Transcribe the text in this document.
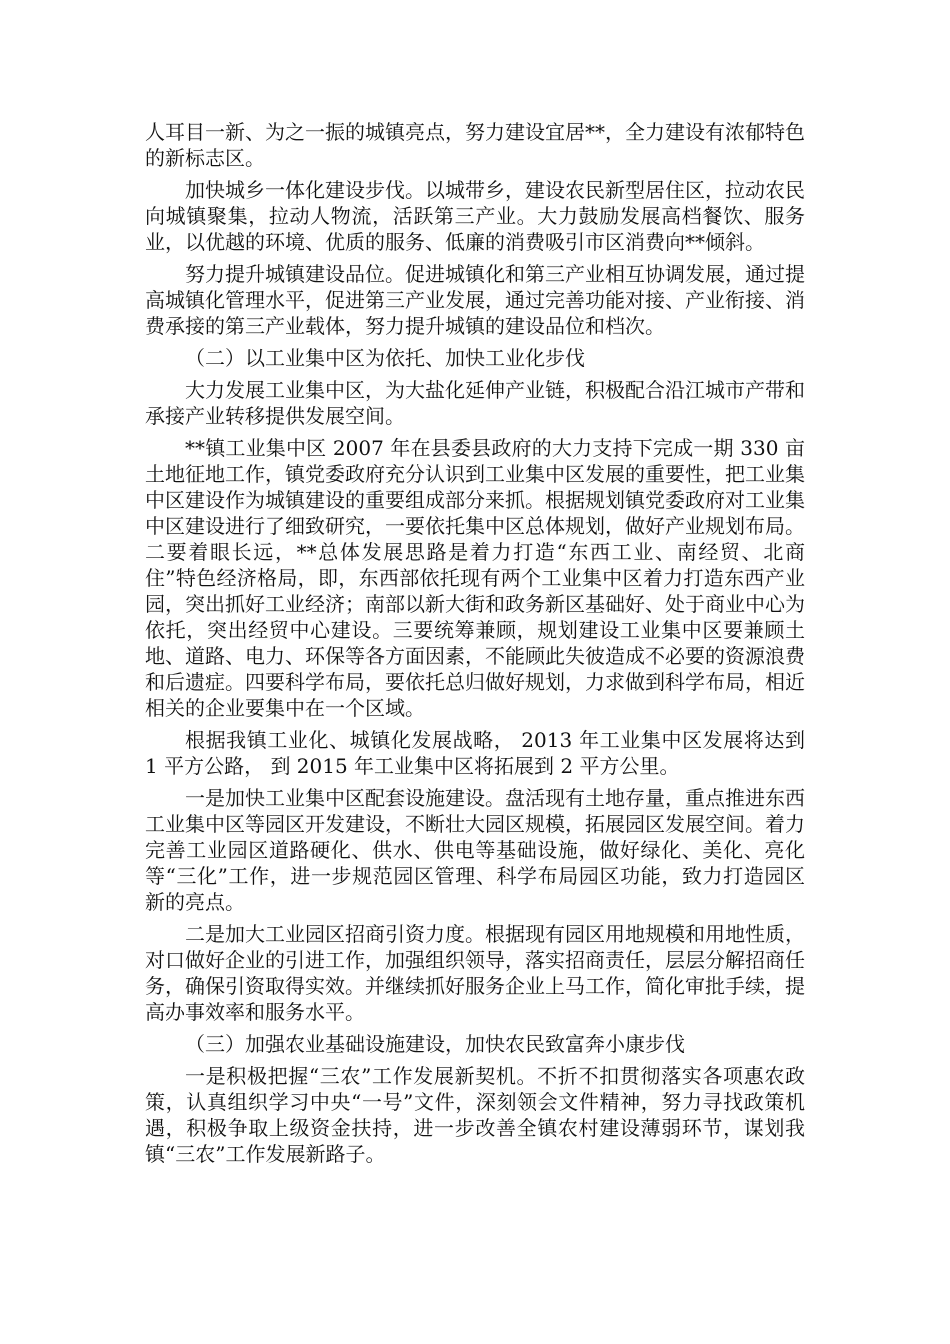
人耳目一新、为之一振的城镇亮点，努力建设宜居**，全力建设有浓郁特色的新标志区。

加快城乡一体化建设步伐。以城带乡，建设农民新型居住区，拉动农民向城镇聚集，拉动人物流，活跃第三产业。大力鼓励发展高档餐饮、服务业，以优越的环境、优质的服务、低廉的消费吸引市区消费向**倾斜。

努力提升城镇建设品位。促进城镇化和第三产业相互协调发展，通过提高城镇化管理水平，促进第三产业发展，通过完善功能对接、产业衔接、消费承接的第三产业载体，努力提升城镇的建设品位和档次。

（二）以工业集中区为依托、加快工业化步伐

大力发展工业集中区，为大盐化延伸产业链，积极配合沿江城市产带和承接产业转移提供发展空间。

**镇工业集中区 2007 年在县委县政府的大力支持下完成一期 330 亩土地征地工作，镇党委政府充分认识到工业集中区发展的重要性，把工业集中区建设作为城镇建设的重要组成部分来抓。根据规划镇党委政府对工业集中区建设进行了细致研究，一要依托集中区总体规划，做好产业规划布局。二要着眼长远，**总体发展思路是着力打造“东西工业、南经贸、北商住”特色经济格局，即，东西部依托现有两个工业集中区着力打造东西产业园，突出抓好工业经济；南部以新大街和政务新区基础好、处于商业中心为依托，突出经贸中心建设。三要统筹兼顾，规划建设工业集中区要兼顾土地、道路、电力、环保等各方面因素，不能顾此失彼造成不必要的资源浪费和后遗症。四要科学布局，要依托总归做好规划，力求做到科学布局，相近相关的企业要集中在一个区域。

根据我镇工业化、城镇化发展战略， 2013 年工业集中区发展将达到 1 平方公路， 到 2015 年工业集中区将拓展到 2 平方公里。

一是加快工业集中区配套设施建设。盘活现有土地存量，重点推进东西工业集中区等园区开发建设，不断壮大园区规模，拓展园区发展空间。着力完善工业园区道路硬化、供水、供电等基础设施，做好绿化、美化、亮化等“三化”工作，进一步规范园区管理、科学布局园区功能，致力打造园区新的亮点。

二是加大工业园区招商引资力度。根据现有园区用地规模和用地性质，对口做好企业的引进工作，加强组织领导，落实招商责任，层层分解招商任务，确保引资取得实效。并继续抓好服务企业上马工作，简化审批手续，提高办事效率和服务水平。

（三）加强农业基础设施建设，加快农民致富奔小康步伐

一是积极把握“三农”工作发展新契机。不折不扣贯彻落实各项惠农政策，认真组织学习中央“一号”文件，深刻领会文件精神，努力寻找政策机遇，积极争取上级资金扶持，进一步改善全镇农村建设薄弱环节，谋划我镇“三农”工作发展新路子。
